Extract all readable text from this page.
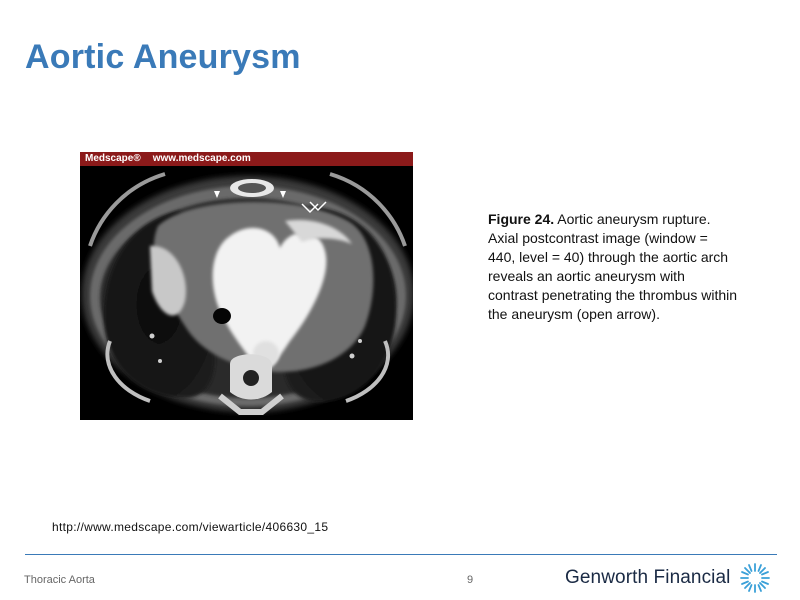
Aortic Aneurysm
Medscape® www.medscape.com
Figure 24. Aortic aneurysm rupture. Axial postcontrast image (window = 440, level = 40) through the aortic arch reveals an aortic aneurysm with contrast penetrating the thrombus within the aneurysm (open arrow).
http://www.medscape.com/viewarticle/406630_15
Thoracic Aorta	9	Genworth Financial
